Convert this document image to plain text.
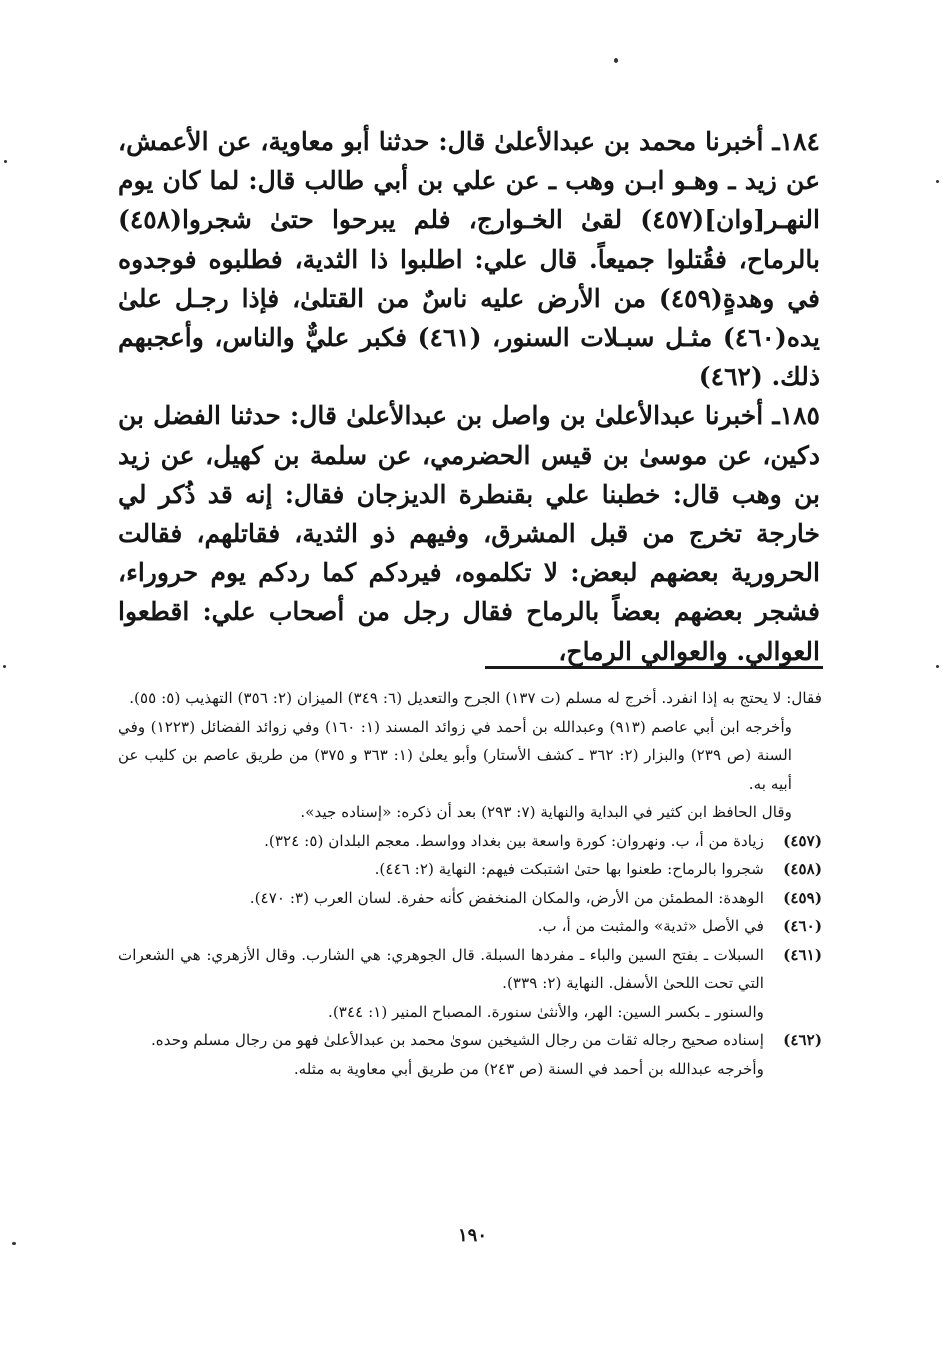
١٨٤ـ أخبرنا محمد بن عبدالأعلىٰ قال: حدثنا أبو معاوية، عن الأعمش، عن زيد ـ وهـو ابـن وهب ـ عن علي بن أبي طالب قال: لما كان يوم النهـر[وان](٤٥٧) لقىٰ الخـوارج، فلم يبرحوا حتىٰ شجروا(٤٥٨) بالرماح، فقُتلوا جميعاً. قال علي: اطلبوا ذا الثدية، فطلبوه فوجدوه في وهدةٍ(٤٥٩) من الأرض عليه ناسٌ من القتلىٰ، فإذا رجـل علىٰ يده(٤٦٠) مثـل سبـلات السنور، (٤٦١) فكبر عليٌّ والناس، وأعجبهم ذلك. (٤٦٢)

١٨٥ـ أخبرنا عبدالأعلىٰ بن واصل بن عبدالأعلىٰ قال: حدثنا الفضل بن دكين، عن موسىٰ بن قيس الحضرمي، عن سلمة بن كهيل، عن زيد بن وهب قال: خطبنا علي بقنطرة الديزجان فقال: إنه قد ذُكر لي خارجة تخرج من قبل المشرق، وفيهم ذو الثدية، فقاتلهم، فقالت الحرورية بعضهم لبعض: لا تكلموه، فيردكم كما ردكم يوم حروراء، فشجر بعضهم بعضاً بالرماح فقال رجل من أصحاب علي: اقطعوا العوالي. والعوالي الرماح،

فقال: لا يحتج به إذا انفرد. أخرج له مسلم (ت ١٣٧) الجرح والتعديل (٦: ٣٤٩) الميزان (٢: ٣٥٦) التهذيب (٥: ٥٥).

وأخرجه ابن أبي عاصم (٩١٣) وعبدالله بن أحمد في زوائد المسند (١: ١٦٠) وفي زوائد الفضائل (١٢٢٣) وفي السنة (ص ٢٣٩) والبزار (٢: ٣٦٢ ـ كشف الأستار) وأبو يعلىٰ (١: ٣٦٣ و ٣٧٥) من طريق عاصم بن كليب عن أبيه به.

وقال الحافظ ابن كثير في البداية والنهاية (٧: ٢٩٣) بعد أن ذكره: «إسناده جيد».

(٤٥٧)
زيادة من أ، ب. ونهروان: كورة واسعة بين بغداد وواسط. معجم البلدان (٥: ٣٢٤).
(٤٥٨)
شجروا بالرماح: طعنوا بها حتىٰ اشتبكت فيهم: النهاية (٢: ٤٤٦).
(٤٥٩)
الوهدة: المطمئن من الأرض، والمكان المنخفض كأنه حفرة. لسان العرب (٣: ٤٧٠).
(٤٦٠)
في الأصل «ثدية» والمثبت من أ، ب.
(٤٦١)
السبلات ـ بفتح السين والباء ـ مفردها السبلة. قال الجوهري: هي الشارب. وقال الأزهري: هي الشعرات التي تحت اللحىٰ الأسفل. النهاية (٢: ٣٣٩).

والسنور ـ بكسر السين: الهر، والأنثىٰ سنورة. المصباح المنير (١: ٣٤٤).

(٤٦٢)
إسناده صحيح رجاله ثقات من رجال الشيخين سوىٰ محمد بن عبدالأعلىٰ فهو من رجال مسلم وحده.

وأخرجه عبدالله بن أحمد في السنة (ص ٢٤٣) من طريق أبي معاوية به مثله.

١٩٠
